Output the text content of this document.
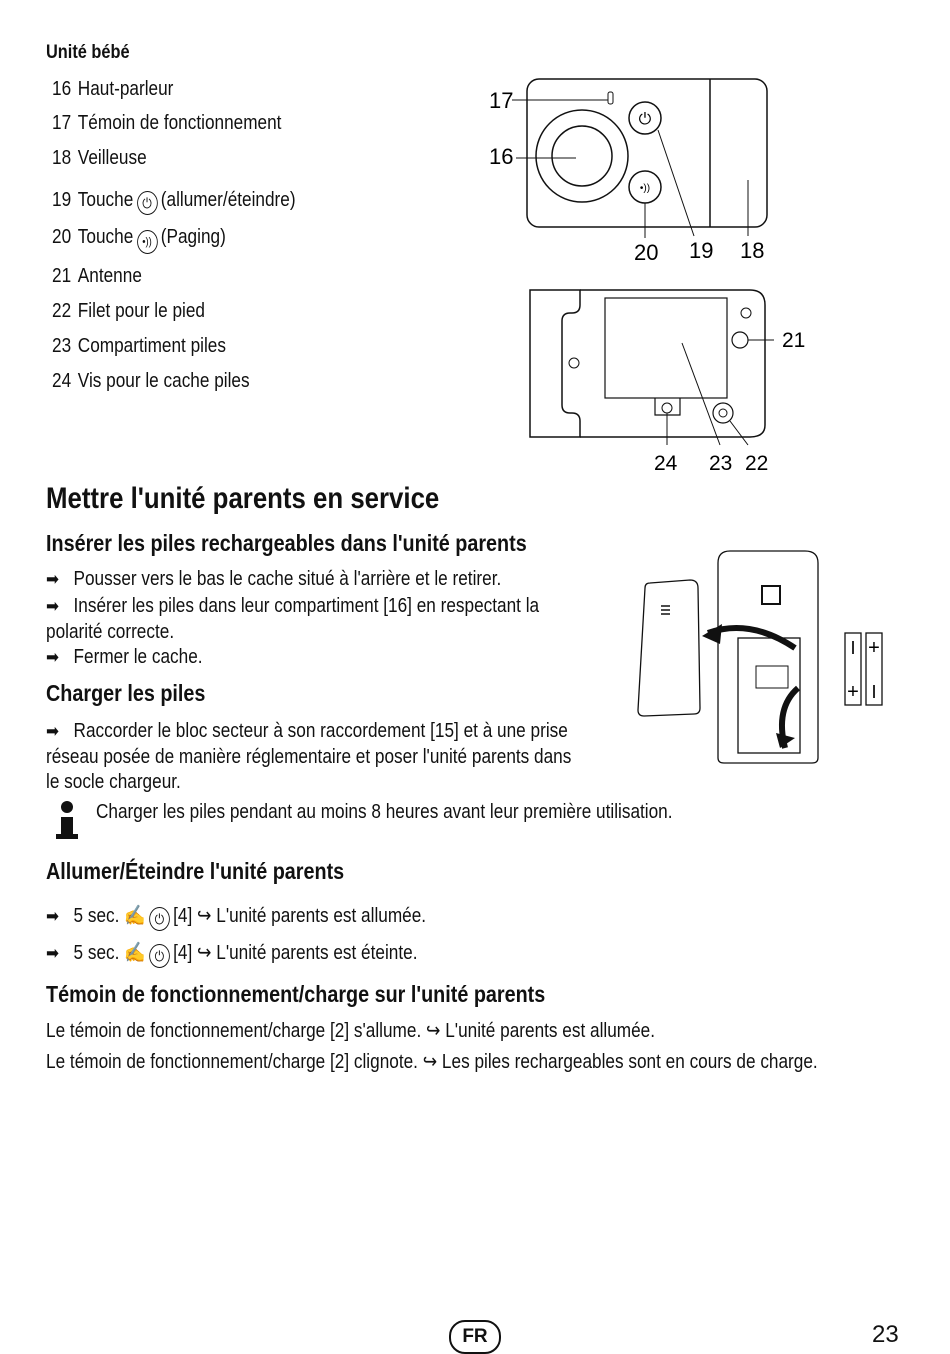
Unité bébé
16 Haut-parleur
17 Témoin de fonctionnement
18 Veilleuse
19 Touche ⏻ (allumer/éteindre)
20 Touche •)) (Paging)
21 Antenne
22 Filet pour le pied
23 Compartiment piles
24 Vis pour le cache piles
⏻
•))
17
16
20 19 18
21
24 23 22
Mettre l'unité parents en service
Insérer les piles rechargeables dans l'unité parents
➡ Pousser vers le bas le cache situé à l'arrière et le retirer.
➡ Insérer les piles dans leur compartiment [16] en respectant la
polarité correcte.
➡ Fermer le cache.	I +
+ I
Charger les piles
➡ Raccorder le bloc secteur à son raccordement [15] et à une prise
réseau posée de manière réglementaire et poser l'unité parents dans
le socle chargeur.
Charger les piles pendant au moins 8 heures avant leur première utilisation.
Allumer/Éteindre l'unité parents
➡ 5 sec. ✍ ⏻ [4] ↪ L'unité parents est allumée.
➡ 5 sec. ✍ ⏻ [4] ↪ L'unité parents est éteinte.
Témoin de fonctionnement/charge sur l'unité parents
Le témoin de fonctionnement/charge [2] s'allume. ↪ L'unité parents est allumée.
Le témoin de fonctionnement/charge [2] clignote. ↪ Les piles rechargeables sont en cours de charge.
FR	23
